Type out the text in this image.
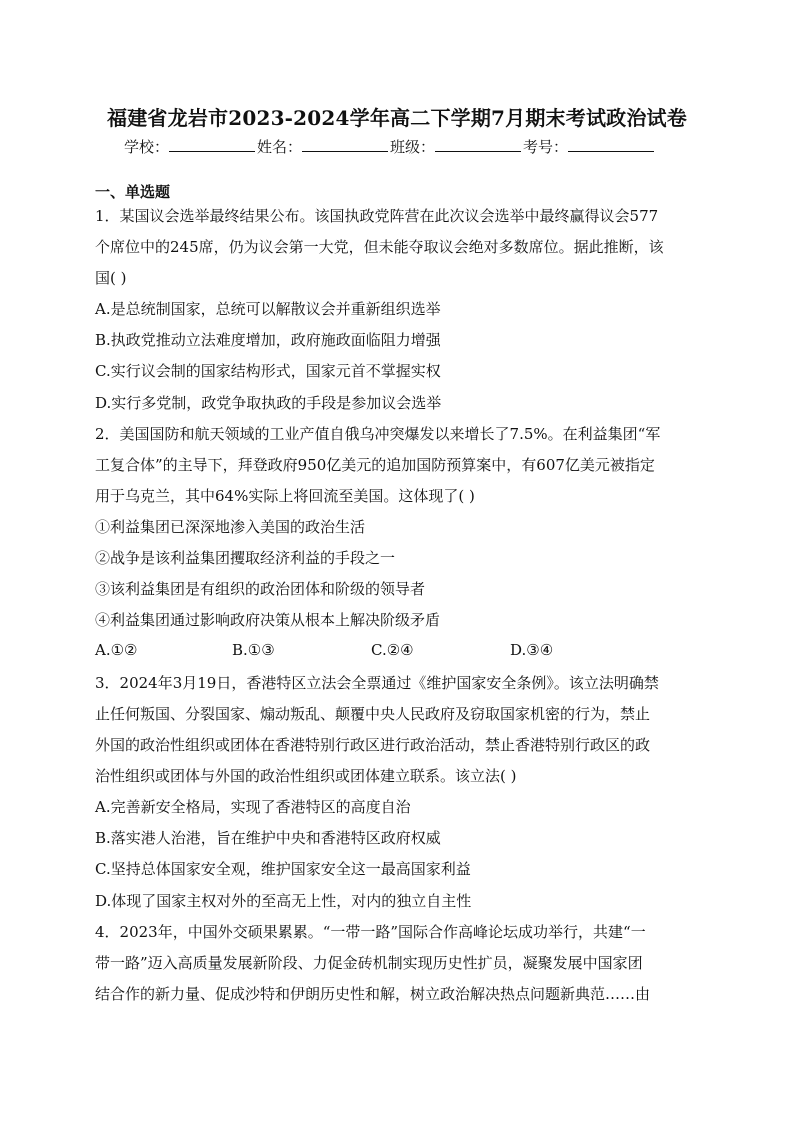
福建省龙岩市2023-2024学年高二下学期7月期末考试政治试卷
学校：	姓名：	班级：	考号：
一、单选题
1．某国议会选举最终结果公布。该国执政党阵营在此次议会选举中最终赢得议会577
个席位中的245席，仍为议会第一大党，但未能夺取议会绝对多数席位。据此推断，该
国( )
A.是总统制国家，总统可以解散议会并重新组织选举
B.执政党推动立法难度增加，政府施政面临阻力增强
C.实行议会制的国家结构形式，国家元首不掌握实权
D.实行多党制，政党争取执政的手段是参加议会选举
2．美国国防和航天领域的工业产值自俄乌冲突爆发以来增长了7.5%。在利益集团“军
工复合体”的主导下，拜登政府950亿美元的追加国防预算案中，有607亿美元被指定
用于乌克兰，其中64%实际上将回流至美国。这体现了( )
①利益集团已深深地渗入美国的政治生活
②战争是该利益集团攫取经济利益的手段之一
③该利益集团是有组织的政治团体和阶级的领导者
④利益集团通过影响政府决策从根本上解决阶级矛盾
A.①②	B.①③	C.②④	D.③④
3．2024年3月19日，香港特区立法会全票通过《维护国家安全条例》。该立法明确禁
止任何叛国、分裂国家、煽动叛乱、颠覆中央人民政府及窃取国家机密的行为，禁止
外国的政治性组织或团体在香港特别行政区进行政治活动，禁止香港特别行政区的政
治性组织或团体与外国的政治性组织或团体建立联系。该立法( )
A.完善新安全格局，实现了香港特区的高度自治
B.落实港人治港，旨在维护中央和香港特区政府权威
C.坚持总体国家安全观，维护国家安全这一最高国家利益
D.体现了国家主权对外的至高无上性，对内的独立自主性
4．2023年，中国外交硕果累累。“一带一路”国际合作高峰论坛成功举行，共建“一
带一路”迈入高质量发展新阶段、力促金砖机制实现历史性扩员，凝聚发展中国家团
结合作的新力量、促成沙特和伊朗历史性和解，树立政治解决热点问题新典范……由
